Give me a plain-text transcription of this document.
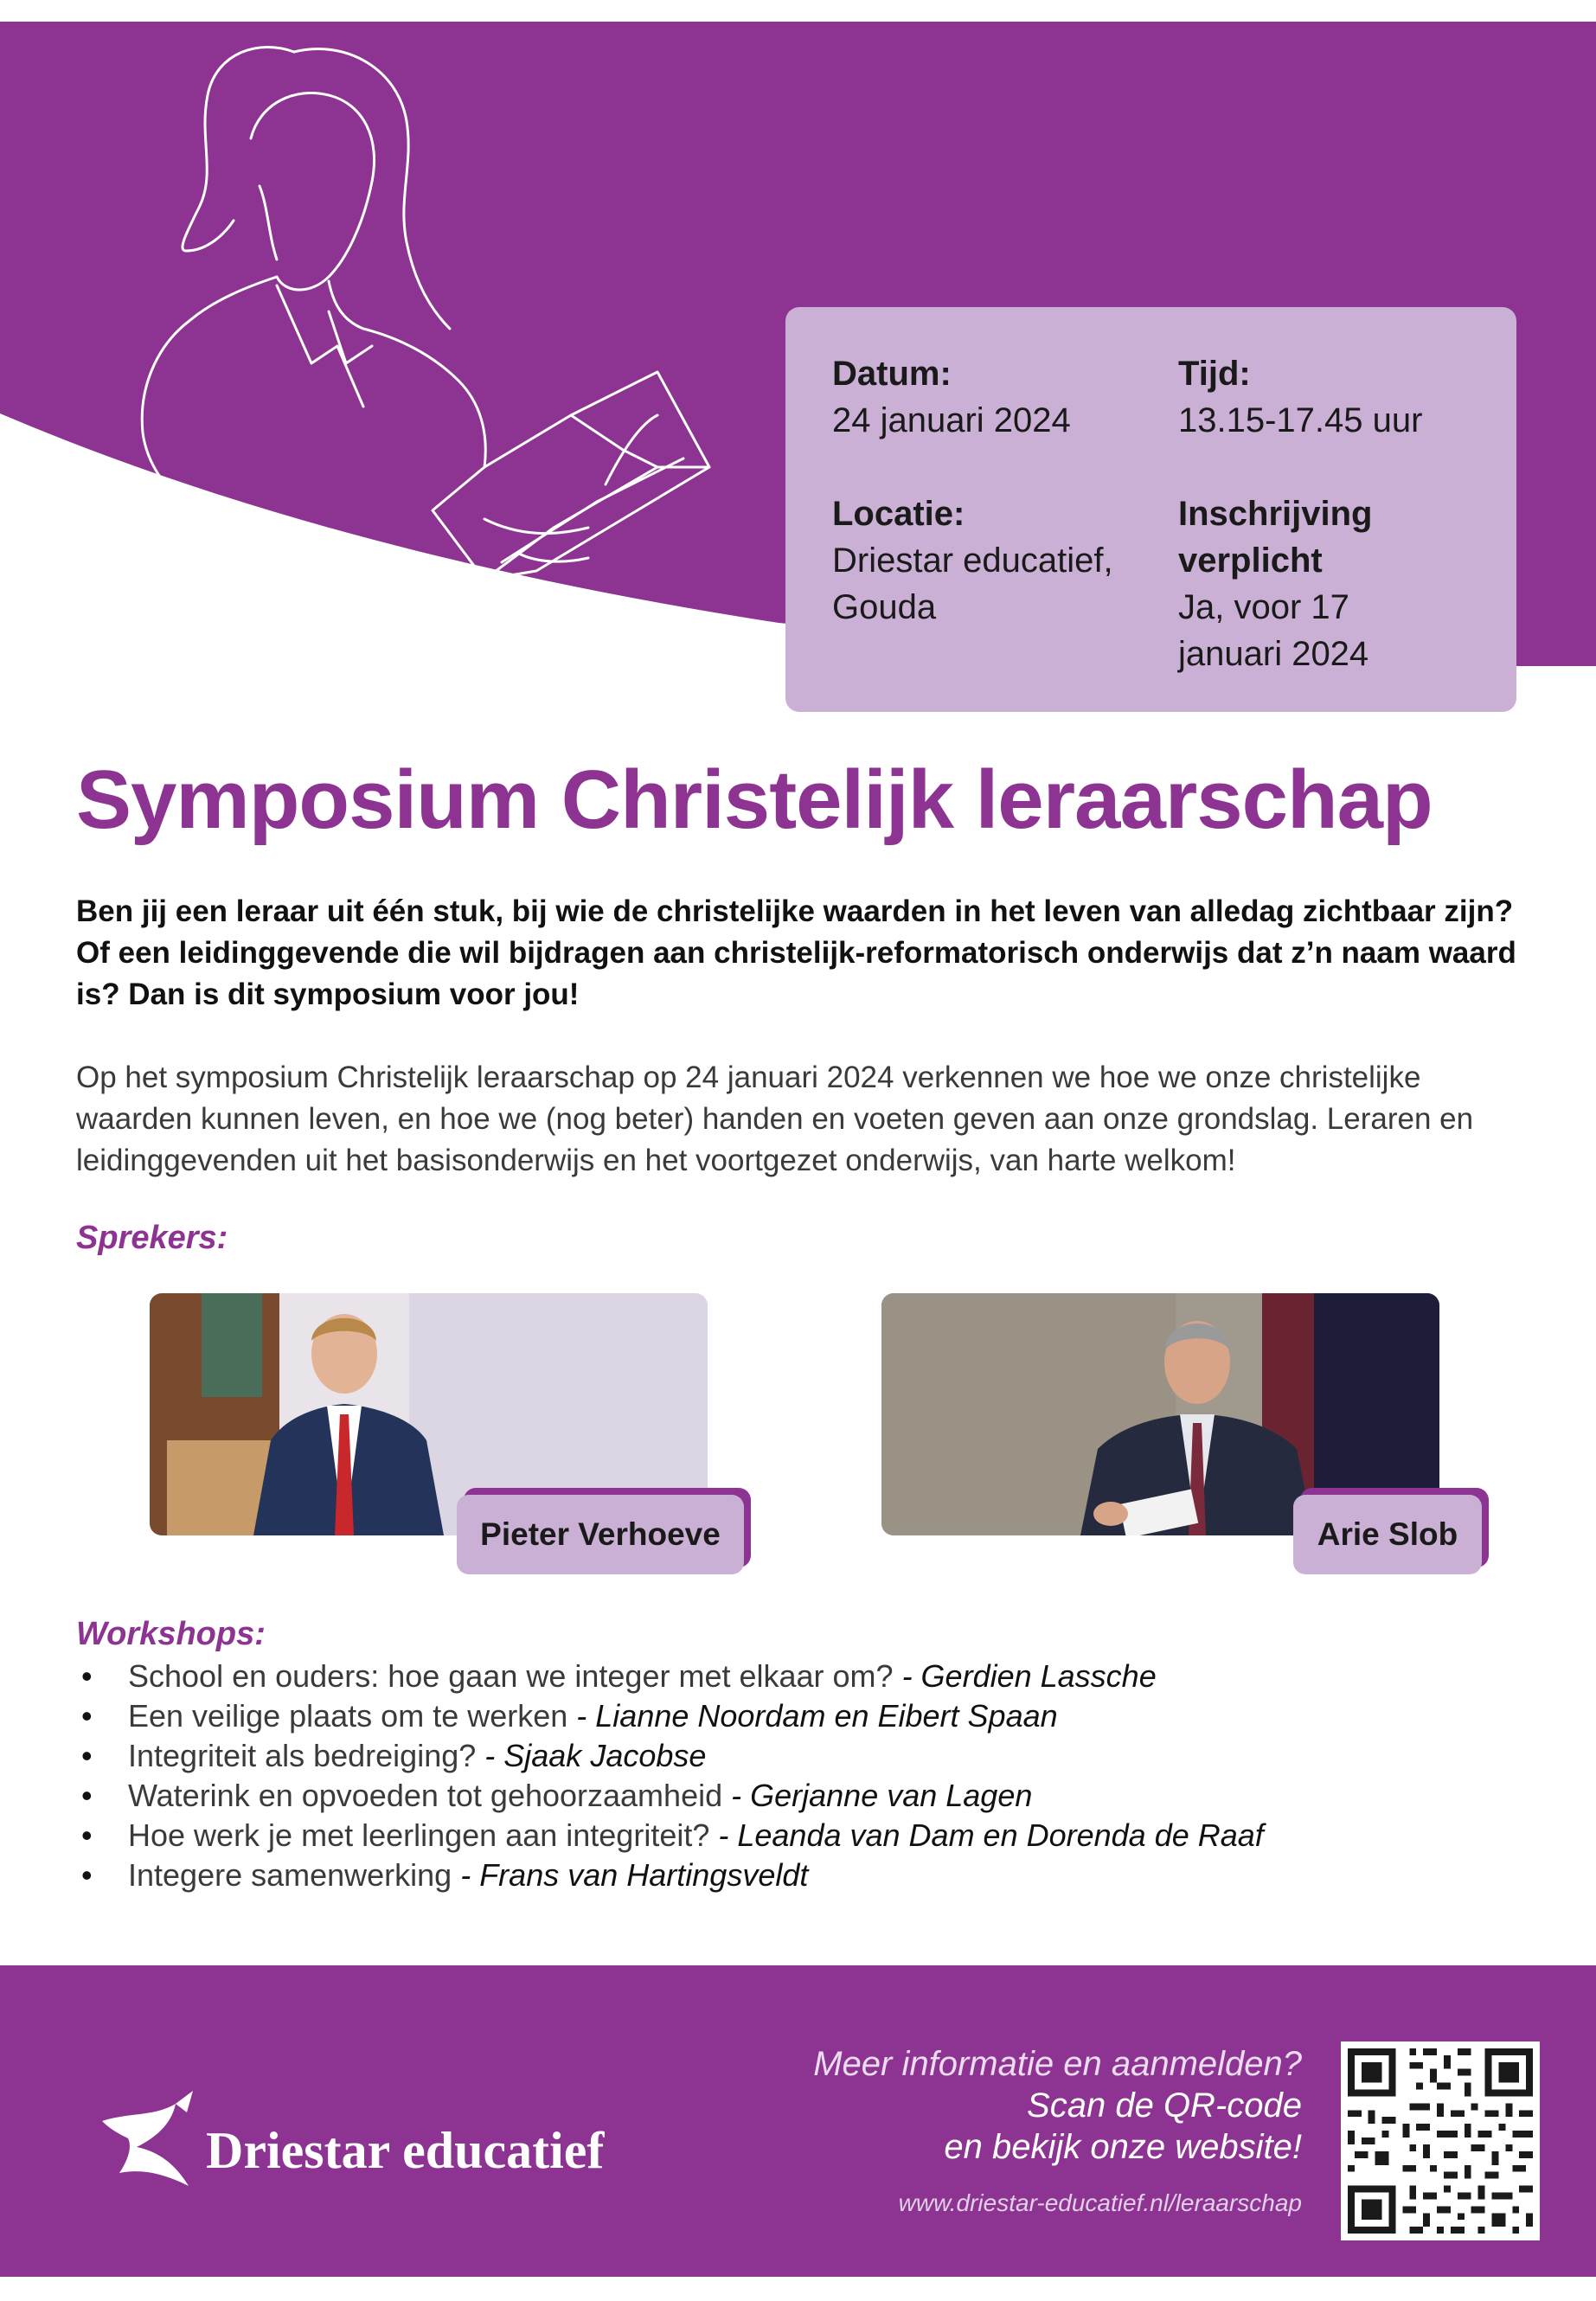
Datum:
24 januari 2024
Locatie:
Driestar educatief,
Gouda
Tijd:
13.15-17.45 uur
Inschrijving
verplicht
Ja, voor 17
januari 2024
Symposium Christelijk leraarschap

Ben jij een leraar uit één stuk, bij wie de christelijke waarden in het leven van alledag zichtbaar zijn? Of een leidinggevende die wil bijdragen aan christelijk-reformatorisch onderwijs dat z’n naam waard is? Dan is dit symposium voor jou!

Op het symposium Christelijk leraarschap op 24 januari 2024 verkennen we hoe we onze christelijke waarden kunnen leven, en hoe we (nog beter) handen en voeten geven aan onze grondslag. Leraren en leidinggevenden uit het basisonderwijs en het voortgezet onderwijs, van harte welkom!

Sprekers:
Pieter Verhoeve	Arie Slob
Workshops:
• School en ouders: hoe gaan we integer met elkaar om? - Gerdien Lassche
• Een veilige plaats om te werken - Lianne Noordam en Eibert Spaan
• Integriteit als bedreiging? - Sjaak Jacobse
• Waterink en opvoeden tot gehoorzaamheid - Gerjanne van Lagen
• Hoe werk je met leerlingen aan integriteit? - Leanda van Dam en Dorenda de Raaf
• Integere samenwerking - Frans van Hartingsveldt
Driestar educatief
Meer informatie en aanmelden?
Scan de QR-code
en bekijk onze website!
www.driestar-educatief.nl/leraarschap
